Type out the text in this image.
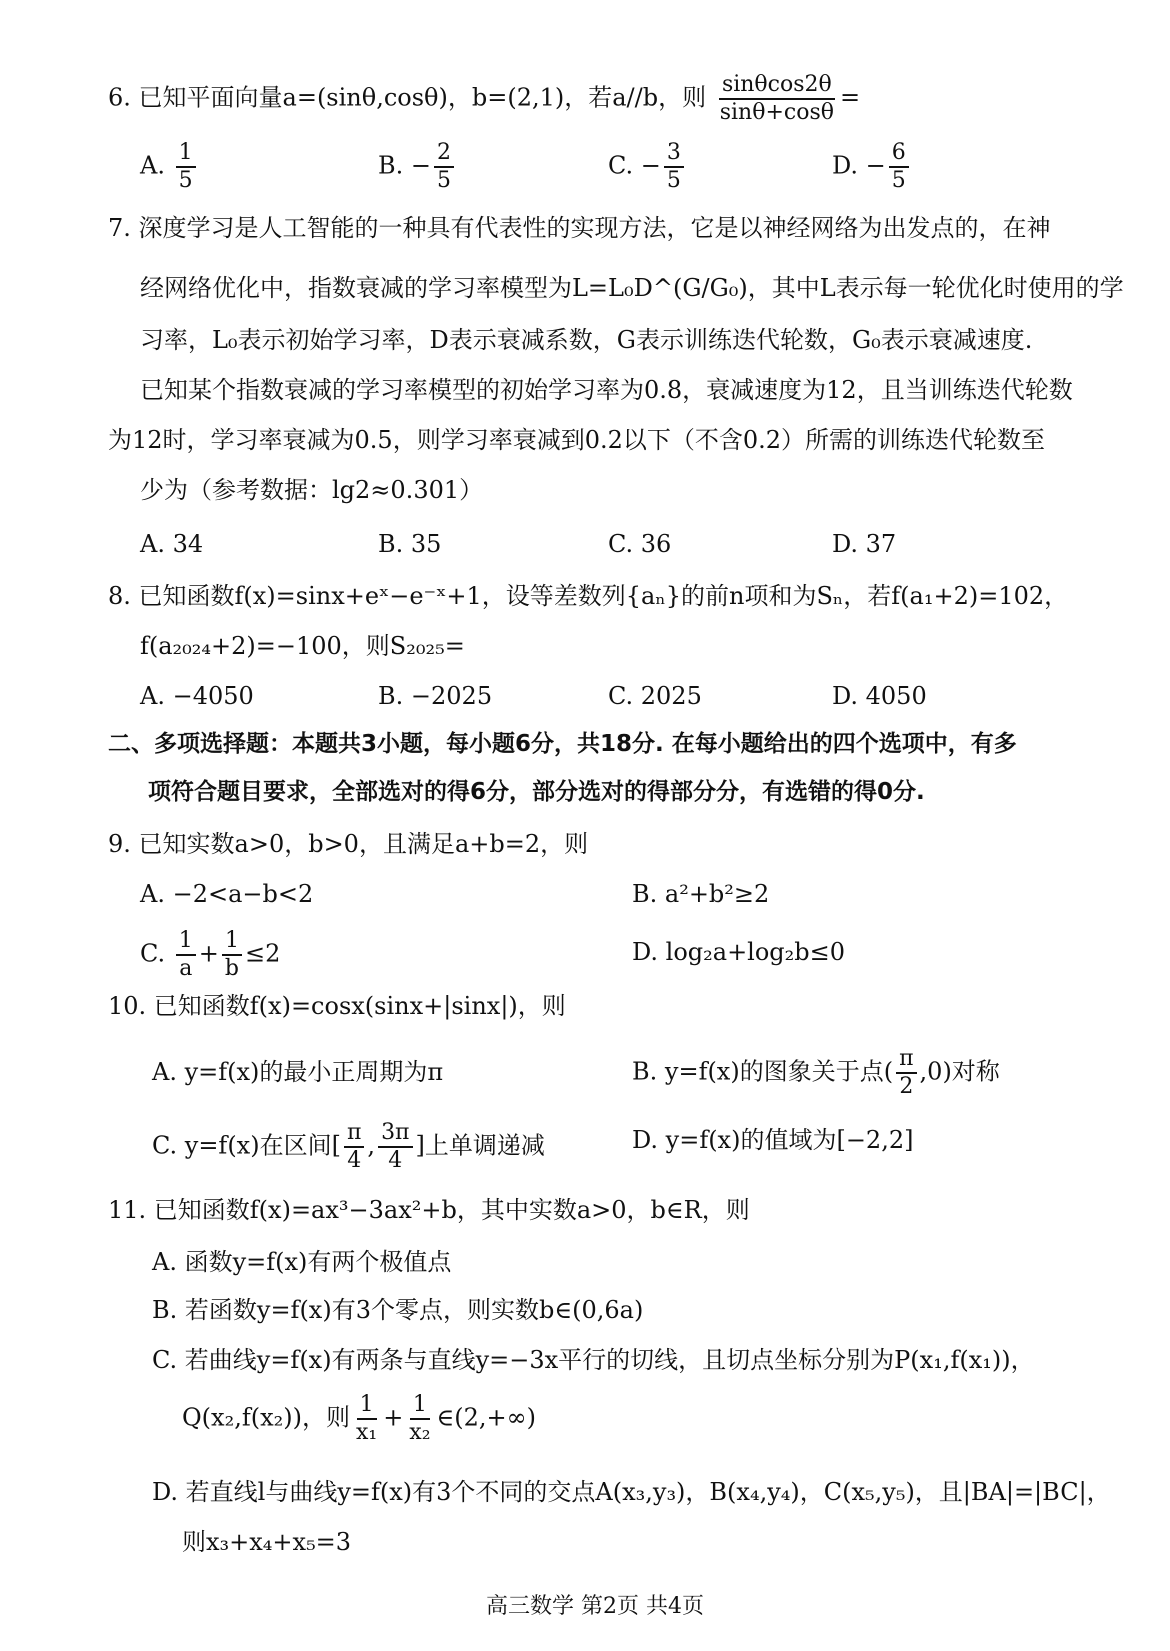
6. 已知平面向量a=(sinθ,cosθ)，b=(2,1)，若a//b，则 $\frac{\sin\theta\cos 2\theta}{\sin\theta+\cos\theta}$ =
A. $\frac{1}{5}$	B. − $\frac{2}{5}$	C. − $\frac{3}{5}$	D. − $\frac{6}{5}$
7. 深度学习是人工智能的一种具有代表性的实现方法，它是以神经网络为出发点的，在神
经网络优化中，指数衰减的学习率模型为L=L₀D^(G/G₀)，其中L表示每一轮优化时使用的学
习率，L₀表示初始学习率，D表示衰减系数，G表示训练迭代轮数，G₀表示衰减速度.
已知某个指数衰减的学习率模型的初始学习率为0.8，衰减速度为12，且当训练迭代轮数
为12时，学习率衰减为0.5，则学习率衰减到0.2以下（不含0.2）所需的训练迭代轮数至
少为（参考数据：lg2≈0.301）
A. 34	B. 35	C. 36	D. 37
8. 已知函数f(x)=sinx+eˣ−e⁻ˣ+1，设等差数列{aₙ}的前n项和为Sₙ，若f(a₁+2)=102，
f(a₂₀₂₄+2)=−100，则S₂₀₂₅=
A. −4050	B. −2025	C. 2025	D. 4050
二、多项选择题：本题共3小题，每小题6分，共18分. 在每小题给出的四个选项中，有多
项符合题目要求，全部选对的得6分，部分选对的得部分分，有选错的得0分.
9. 已知实数a>0，b>0，且满足a+b=2，则
A. −2<a−b<2	B. a²+b²≥2
C. $\frac{1}{a} + \frac{1}{b} \le 2$	D. log₂a+log₂b≤0
10. 已知函数f(x)=cosx(sinx+|sinx|)，则
A. y=f(x)的最小正周期为π	B. y=f(x)的图象关于点( $\frac{\pi}{2} ,0$)对称
C. y=f(x)在区间[ $\frac{\pi}{4}$ , $\frac{3\pi}{4}$ ]上单调递减	D. y=f(x)的值域为[−2,2]
11. 已知函数f(x)=ax³−3ax²+b，其中实数a>0，b∈R，则
A. 函数y=f(x)有两个极值点
B. 若函数y=f(x)有3个零点，则实数b∈(0,6a)
C. 若曲线y=f(x)有两条与直线y=−3x平行的切线，且切点坐标分别为P(x₁,f(x₁))，
Q(x₂,f(x₂))，则 $\frac{1}{\text{x₁}} + \frac{1}{\text{x₂}}$ ∈(2,+∞)
D. 若直线l与曲线y=f(x)有3个不同的交点A(x₃,y₃)，B(x₄,y₄)，C(x₅,y₅)，且|BA|=|BC|，
则x₃+x₄+x₅=3
高三数学 第2页 共4页
